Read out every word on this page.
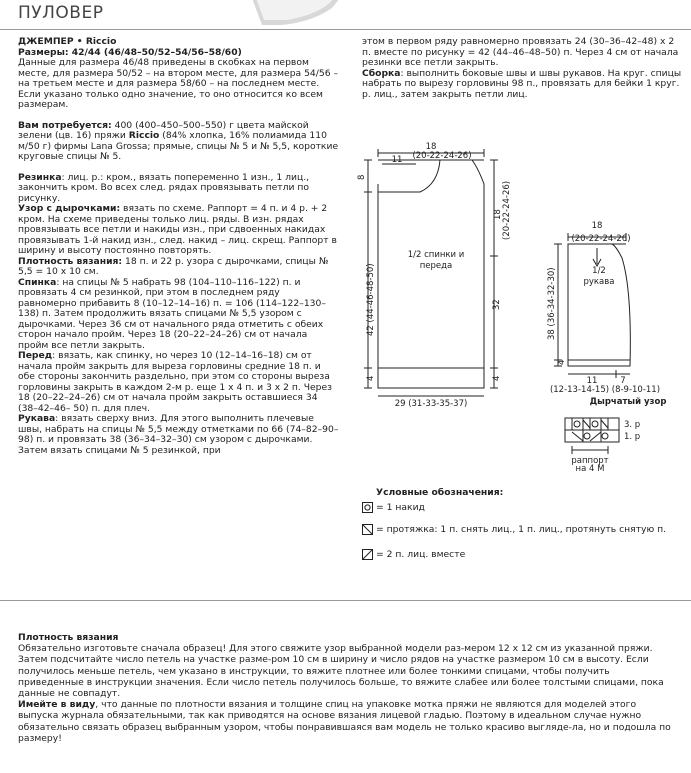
ПУЛОВЕР

ДЖЕМПЕР • Riccio

Размеры: 42/44 (46/48–50/52–54/56–58/60)

Данные для размера 46/48 приведены в скобках на первом месте, для размера 50/52 – на втором месте, для размера 54/56 – на третьем месте и для размера 58/60 – на последнем месте. Если указано только одно значение, то оно относится ко всем размерам.

Вам потребуется: 400 (400–450–500–550) г цвета майской зелени (цв. 16) пряжи Riccio (84% хлопка, 16% полиамида 110 м/50 г) фирмы Lana Grossa; прямые, спицы № 5 и № 5,5, короткие круговые спицы № 5.

Резинка: лиц. р.: кром., вязать попеременно 1 изн., 1 лиц., закончить кром. Во всех след. рядах провязывать петли по рисунку.

Узор с дырочками: вязать по схеме. Раппорт = 4 п. и 4 р. + 2 кром. На схеме приведены только лиц. ряды. В изн. рядах провязывать все петли и накиды изн., при сдвоенных накидах провязывать 1-й накид изн., след. накид – лиц. скрещ. Раппорт в ширину и высоту постоянно повторять.

Плотность вязания: 18 п. и 22 р. узора с дырочками, спицы № 5,5 = 10 x 10 см.

Спинка: на спицы № 5 набрать 98 (104–110–116–122) п. и провязать 4 см резинкой, при этом в последнем ряду равномерно прибавить 8 (10–12–14–16) п. = 106 (114–122–130–138) п. Затем продолжить вязать спицами № 5,5 узором с дырочками. Через 36 см от начального ряда отметить с обеих сторон начало пройм. Через 18 (20–22–24–26) см от начала пройм все петли закрыть.

Перед: вязать, как спинку, но через 10 (12–14–16–18) см от начала пройм закрыть для выреза горловины средние 18 п. и обе стороны закончить раздельно, при этом со стороны выреза горловины закрыть в каждом 2-м р. еще 1 x 4 п. и 3 x 2 п. Через 18 (20–22–24–26) см от начала пройм закрыть оставшиеся 34 (38–42–46– 50) п. для плеч.

Рукава: вязать сверху вниз. Для этого выполнить плечевые швы, набрать на спицы № 5,5 между отметками по 66 (74–82–90–98) п. и провязать 38 (36–34–32–30) см узором с дырочками. Затем вязать спицами № 5 резинкой, при

этом в первом ряду равномерно провязать 24 (30–36–42–48) x 2 п. вместе по рисунку = 42 (44–46–48–50) п. Через 4 см от начала резинки все петли закрыть.

Сборка: выполнить боковые швы и швы рукавов. На круг. спицы набрать по вырезу горловины 98 п., провязать для бейки 1 круг. р. лиц., затем закрыть петли лиц.

18
(20-22-24-26)
11
8
18 (20-22-24-26)
1/2 спинки и
переда
42 (44-46-48-50)	32
4	4
29 (31-33-35-37)
18
(20-22-24-26)
38 (36-34-32-30)	1/2
рукава
4
11	7
(12-13-14-15) (8-9-10-11)
Дырчатый узор
3. р
1. р
раппорт
на 4 М
Условные обозначения:
= 1 накид
= протяжка: 1 п. снять лиц., 1 п. лиц., протянуть снятую п.
= 2 п. лиц. вместе

Плотность вязания

Обязательно изготовьте сначала образец! Для этого свяжите узор выбранной модели раз-мером 12 x 12 см из указанной пряжи. Затем подсчитайте число петель на участке разме-ром 10 см в ширину и число рядов на участке размером 10 см в высоту. Если получилось меньше петель, чем указано в инструкции, то вяжите плотнее или более тонкими спицами, чтобы получить приведенные в инструкции значения. Если число петель получилось больше, то вяжите слабее или более толстыми спицами, пока данные не совпадут.

Имейте в виду, что данные по плотности вязания и толщине спиц на упаковке мотка пряжи не являются для моделей этого выпуска журнала обязательными, так как приводятся на основе вязания лицевой гладью. Поэтому в идеальном случае нужно обязательно связать образец выбранным узором, чтобы понравившаяся вам модель не только красиво выгляде-ла, но и подошла по размеру!
